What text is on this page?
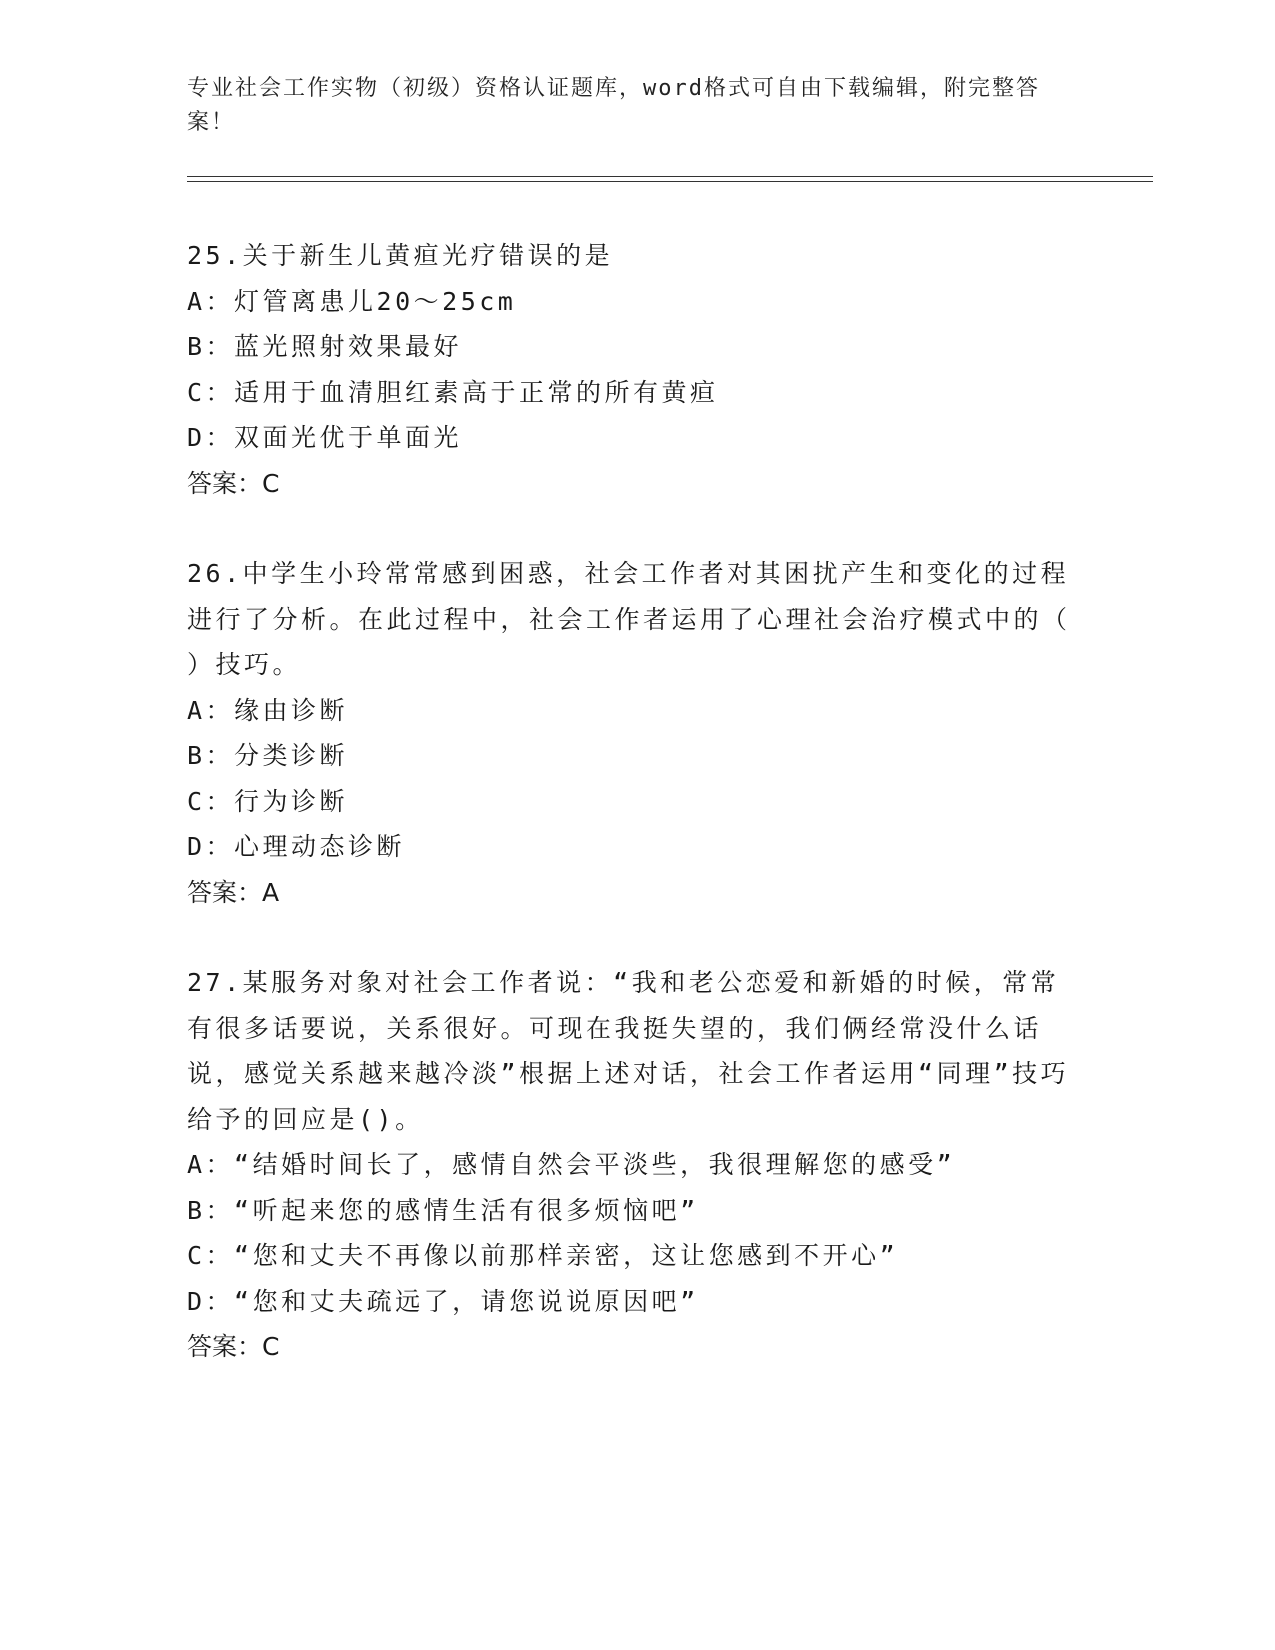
专业社会工作实物（初级）资格认证题库，word格式可自由下载编辑，附完整答案！

25.关于新生儿黄疸光疗错误的是

A：灯管离患儿20～25cm

B：蓝光照射效果最好

C：适用于血清胆红素高于正常的所有黄疸

D：双面光优于单面光

答案：C

26.中学生小玲常常感到困惑，社会工作者对其困扰产生和变化的过程进行了分析。在此过程中，社会工作者运用了心理社会治疗模式中的（ ）技巧。

A：缘由诊断

B：分类诊断

C：行为诊断

D：心理动态诊断

答案：A

27.某服务对象对社会工作者说：“我和老公恋爱和新婚的时候，常常有很多话要说，关系很好。可现在我挺失望的，我们俩经常没什么话说，感觉关系越来越冷淡”根据上述对话，社会工作者运用“同理”技巧给予的回应是()。

A：“结婚时间长了，感情自然会平淡些，我很理解您的感受”

B：“听起来您的感情生活有很多烦恼吧”

C：“您和丈夫不再像以前那样亲密，这让您感到不开心”

D：“您和丈夫疏远了，请您说说原因吧”

答案：C
